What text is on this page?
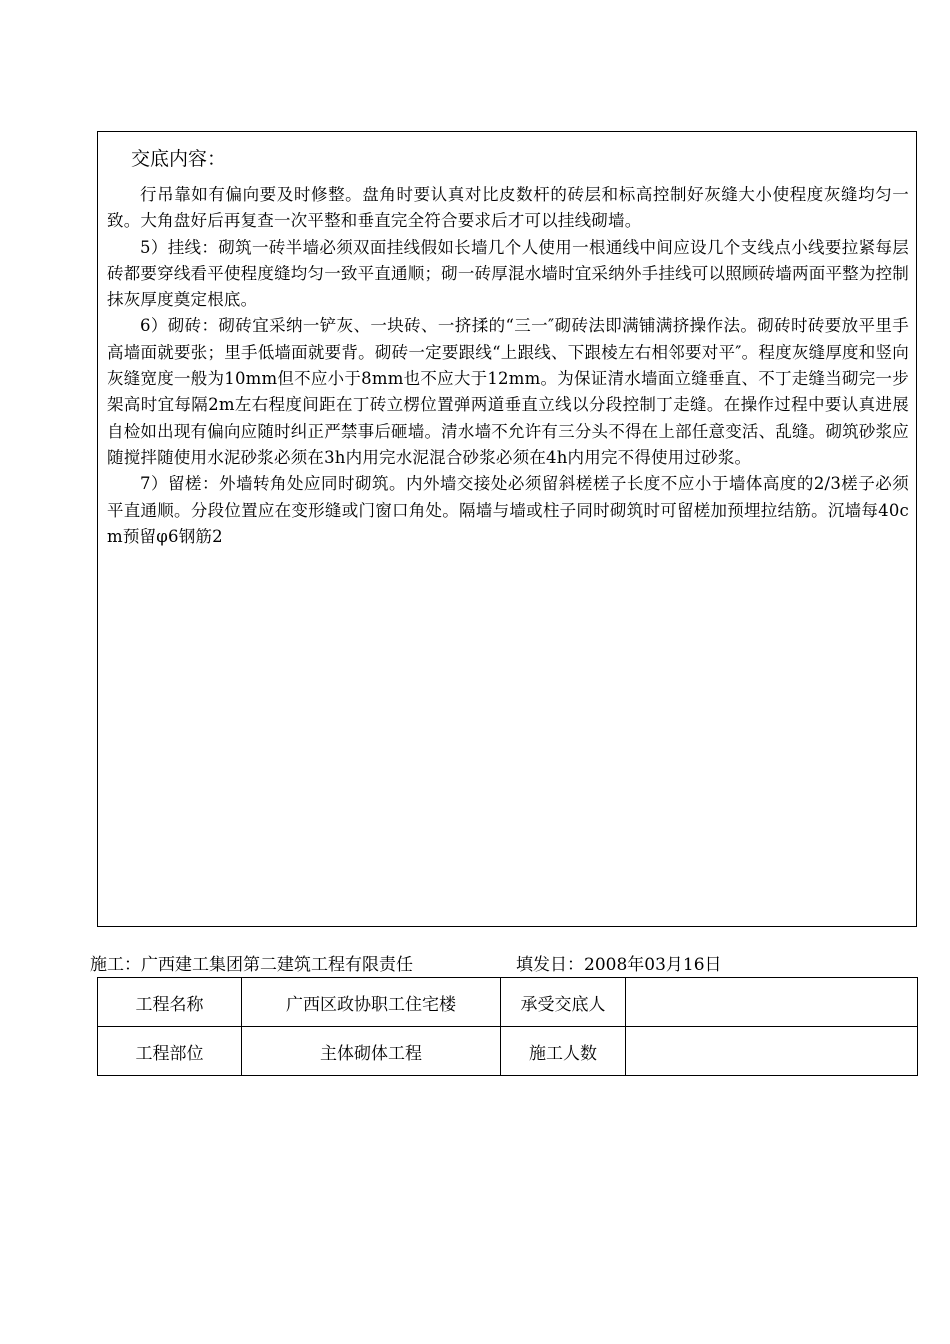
交底内容：

行吊靠如有偏向要及时修整。盘角时要认真对比皮数杆的砖层和标高控制好灰缝大小使程度灰缝均匀一致。大角盘好后再复查一次平整和垂直完全符合要求后才可以挂线砌墙。

5）挂线：砌筑一砖半墙必须双面挂线假如长墙几个人使用一根通线中间应设几个支线点小线要拉紧每层砖都要穿线看平使程度缝均匀一致平直通顺；砌一砖厚混水墙时宜采纳外手挂线可以照顾砖墙两面平整为控制抹灰厚度奠定根底。

6）砌砖：砌砖宜采纳一铲灰、一块砖、一挤揉的“三一″砌砖法即满铺满挤操作法。砌砖时砖要放平里手高墙面就要张；里手低墙面就要背。砌砖一定要跟线“上跟线、下跟棱左右相邻要对平″。程度灰缝厚度和竖向灰缝宽度一般为10mm但不应小于8mm也不应大于12mm。为保证清水墙面立缝垂直、不丁走缝当砌完一步架高时宜每隔2m左右程度间距在丁砖立楞位置弹两道垂直立线以分段控制丁走缝。在操作过程中要认真进展自检如出现有偏向应随时纠正严禁事后砸墙。清水墙不允许有三分头不得在上部任意变活、乱缝。砌筑砂浆应随搅拌随使用水泥砂浆必须在3h内用完水泥混合砂浆必须在4h内用完不得使用过砂浆。

7）留槎：外墙转角处应同时砌筑。内外墙交接处必须留斜槎槎子长度不应小于墙体高度的2/3槎子必须平直通顺。分段位置应在变形缝或门窗口角处。隔墙与墙或柱子同时砌筑时可留槎加预埋拉结筋。沉墙每40cm预留φ6钢筋2

施工：广西建工集团第二建筑工程有限责任	填发日：2008年03月16日
工程名称	广西区政协职工住宅楼	承受交底人	
工程部位	主体砌体工程	施工人数	
